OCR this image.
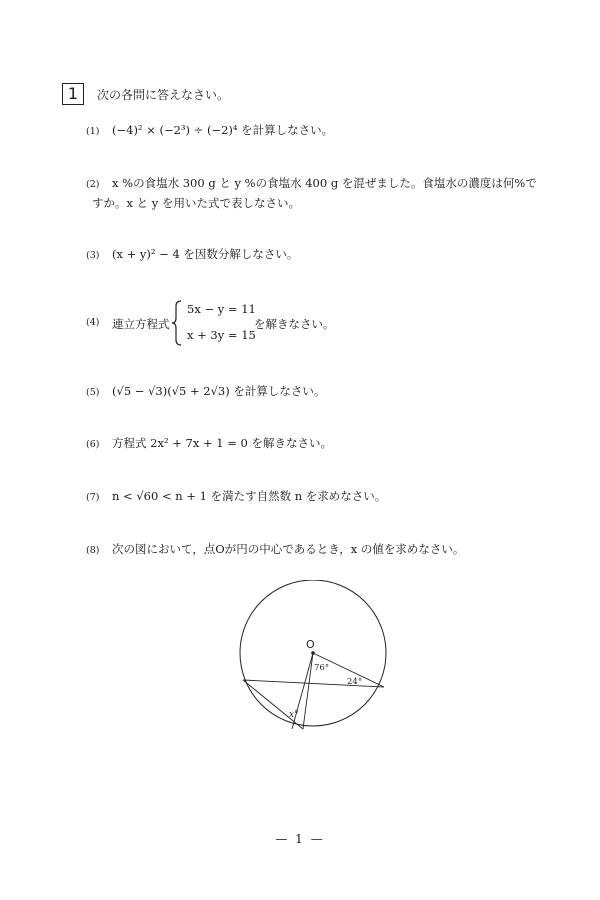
1	次の各問に答えなさい。
(1) (−4)² × (−2³) ÷ (−2)⁴ を計算しなさい。
(2) x %の食塩水 300 g と y %の食塩水 400 g を混ぜました。食塩水の濃度は何%で
すか。x と y を用いた式で表しなさい。
(3) (x + y)² − 4 を因数分解しなさい。
(4)	連立方程式
5x − y = 11
x + 3y = 15
を解きなさい。
(5) (√5 − √3)(√5 + 2√3) を計算しなさい。
(6) 方程式 2x² + 7x + 1 = 0 を解きなさい。
(7) n < √60 < n + 1 を満たす自然数 n を求めなさい。
(8) 次の図において，点Oが円の中心であるとき，x の値を求めなさい。
O
76°
24°
x°
— 1 —
